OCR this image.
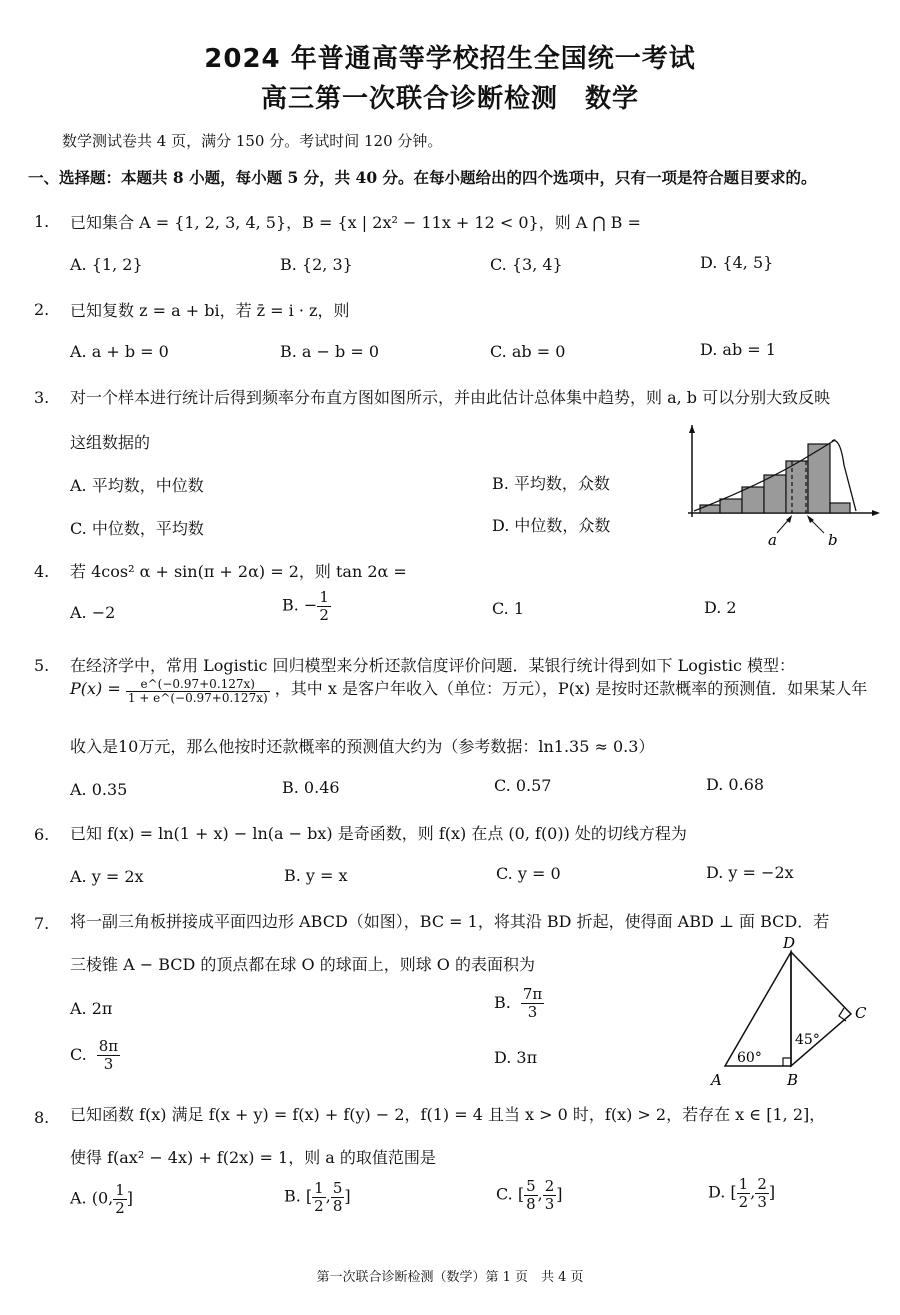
2024 年普通高等学校招生全国统一考试
高三第一次联合诊断检测　数学
数学测试卷共 4 页，满分 150 分。考试时间 120 分钟。
一、选择题：本题共 8 小题，每小题 5 分，共 40 分。在每小题给出的四个选项中，只有一项是符合题目要求的。
1. 已知集合 A = {1, 2, 3, 4, 5}，B = {x | 2x² − 11x + 12 < 0}，则 A ⋂ B =
A. {1, 2}	B. {2, 3}	C. {3, 4}	D. {4, 5}
2. 已知复数 z = a + bi，若 z̄ = i · z，则
A. a + b = 0	B. a − b = 0	C. ab = 0	D. ab = 1
3. 对一个样本进行统计后得到频率分布直方图如图所示，并由此估计总体集中趋势，则 a, b 可以分别大致反映
这组数据的
A. 平均数，中位数	B. 平均数，众数
C. 中位数，平均数	D. 中位数，众数
a	b
4. 若 4cos² α + sin(π + 2α) = 2，则 tan 2α =
A. −2	B. − $\frac{1}{2}$	C. 1	D. 2
5. 在经济学中，常用 Logistic 回归模型来分析还款信度评价问题．某银行统计得到如下 Logistic 模型：
$P(x) = \frac{e\^{}(-0.97+0.127x)}{1 + e\^{}(-0.97+0.127x)}$ ，其中 x 是客户年收入（单位：万元），P(x) 是按时还款概率的预测值．如果某人年
收入是10万元，那么他按时还款概率的预测值大约为（参考数据：ln1.35 ≈ 0.3）
A. 0.35	B. 0.46	C. 0.57	D. 0.68
6. 已知 f(x) = ln(1 + x) − ln(a − bx) 是奇函数，则 f(x) 在点 (0, f(0)) 处的切线方程为
A. y = 2x	B. y = x	C. y = 0	D. y = −2x
7. 将一副三角板拼接成平面四边形 ABCD（如图），BC = 1，将其沿 BD 折起，使得面 ABD ⊥ 面 BCD．若
三棱锥 A − BCD 的顶点都在球 O 的球面上，则球 O 的表面积为
A. 2π	B. $\frac{7\pi}{3}$
C. $\frac{8\pi}{3}$	D. 3π
D
C
A	B
60°
45°
8. 已知函数 f(x) 满足 f(x + y) = f(x) + f(y) − 2，f(1) = 4 且当 x > 0 时，f(x) > 2，若存在 x ∈ [1, 2]，
使得 f(ax² − 4x) + f(2x) = 1，则 a 的取值范围是
A. (0, $\frac{1}{2}$ ]	B. [ $\frac{1}{2}$ , $\frac{5}{8}$ ]	C. [ $\frac{5}{8}$ , $\frac{2}{3}$ ]	D. [ $\frac{1}{2}$ , $\frac{2}{3}$ ]
第一次联合诊断检测（数学）第 1 页　共 4 页
